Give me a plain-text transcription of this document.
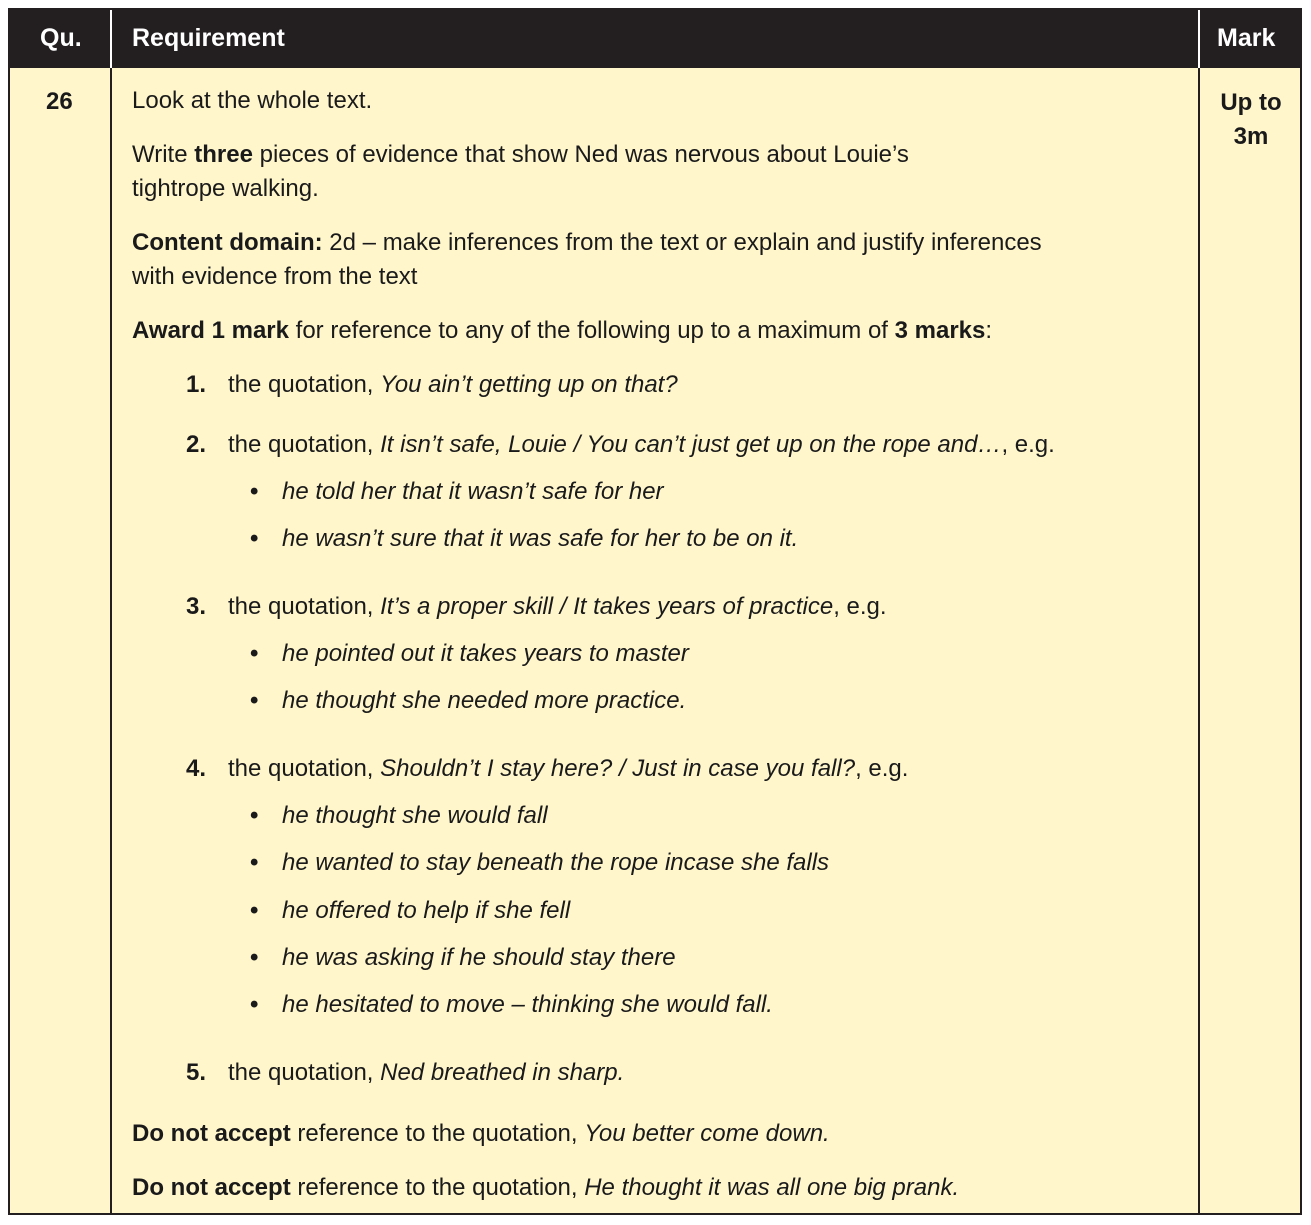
Qu. Requirement	Mark
26	Up to
3m

Look at the whole text.

Write three pieces of evidence that show Ned was nervous about Louie’s

tightrope walking.

Content domain: 2d – make inferences from the text or explain and justify inferences

with evidence from the text

Award 1 mark for reference to any of the following up to a maximum of 3 marks:

1. the quotation, You ain’t getting up on that?
2. the quotation, It isn’t safe, Louie / You can’t just get up on the rope and…, e.g.
• he told her that it wasn’t safe for her
• he wasn’t sure that it was safe for her to be on it.
3. the quotation, It’s a proper skill / It takes years of practice, e.g.
• he pointed out it takes years to master
• he thought she needed more practice.
4. the quotation, Shouldn’t I stay here? / Just in case you fall?, e.g.
• he thought she would fall
• he wanted to stay beneath the rope incase she falls
• he offered to help if she fell
• he was asking if he should stay there
• he hesitated to move – thinking she would fall.
5. the quotation, Ned breathed in sharp.

Do not accept reference to the quotation, You better come down.

Do not accept reference to the quotation, He thought it was all one big prank.
